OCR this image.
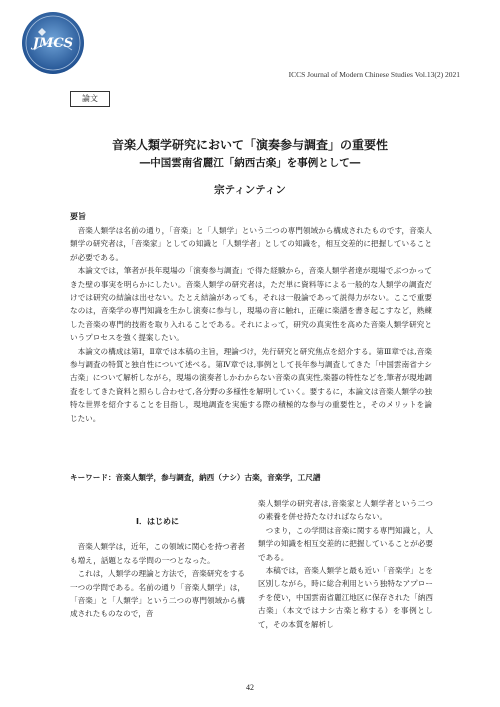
JMCS
ICCS Journal of Modern Chinese Studies Vol.13(2) 2021
論文
音楽人類学研究において「演奏参与調査」の重要性
―中国雲南省麗江「納西古楽」を事例として―
宗ティンティン
要旨

音楽人類学は名前の通り，「音楽」と「人類学」という二つの専門領域から構成されたものです，音楽人類学の研究者は，「音楽家」としての知識と「人類学者」としての知識を，相互交差的に把握していることが必要である。

本論文では，筆者が長年現場の「演奏参与調査」で得た経験から，音楽人類学者達が現場でぶつかってきた壁の事実を明らかにしたい。音楽人類学の研究者は，ただ単に資料等による一般的な人類学の調査だけでは研究の結論は出せない。たとえ結論があっても，それは一般論であって説得力がない。ここで重要なのは，音楽学の専門知識を生かし演奏に参与し，現場の音に触れ，正確に楽譜を書き起こすなど，熟練した音楽の専門的技術を取り入れることである。それによって，研究の真実性を高めた音楽人類学研究というプロセスを強く提案したい。

本論文の構成は第Ⅰ，Ⅱ章では本稿の主旨，理論づけ，先行研究と研究焦点を紹介する。第Ⅲ章では,音楽参与調査の特質と独自性について述べる。第Ⅳ章では,事例として長年参与調査してきた「中国雲南省ナシ古楽」について解析しながら，現場の演奏者しかわからない音楽の真実性,楽器の特性などを,筆者が現地調査をしてきた資料と照らし合わせて,各分野の多様性を解明していく。要するに，本論文は音楽人類学の独特な世界を紹介することを目指し，現地調査を実施する際の積極的な参与の重要性と，そのメリットを論じたい。

キーワード：音楽人類学，参与調査，納西（ナシ）古楽，音楽学，工尺譜
Ⅰ．はじめに

音楽人類学は，近年，この領域に関心を持つ者者も増え，話題となる学問の一つとなった。

これは，人類学の理論と方法で，音楽研究をする一つの学問である。名前の通り「音楽人類学」は，「音楽」と「人類学」という二つの専門領域から構成されたものなので，音

楽人類学の研究者は,音楽家と人類学者という二つの素養を併せ持たなければならない。

つまり，この学問は音楽に関する専門知識と，人類学の知識を相互交差的に把握していることが必要である。

本稿では，音楽人類学と最も近い「音楽学」とを区別しながら，時に総合利用という独特なアプローチを使い，中国雲南省麗江地区に保存された「納西古楽」（本文ではナシ古楽と称する）を事例として，その本質を解析し

42
